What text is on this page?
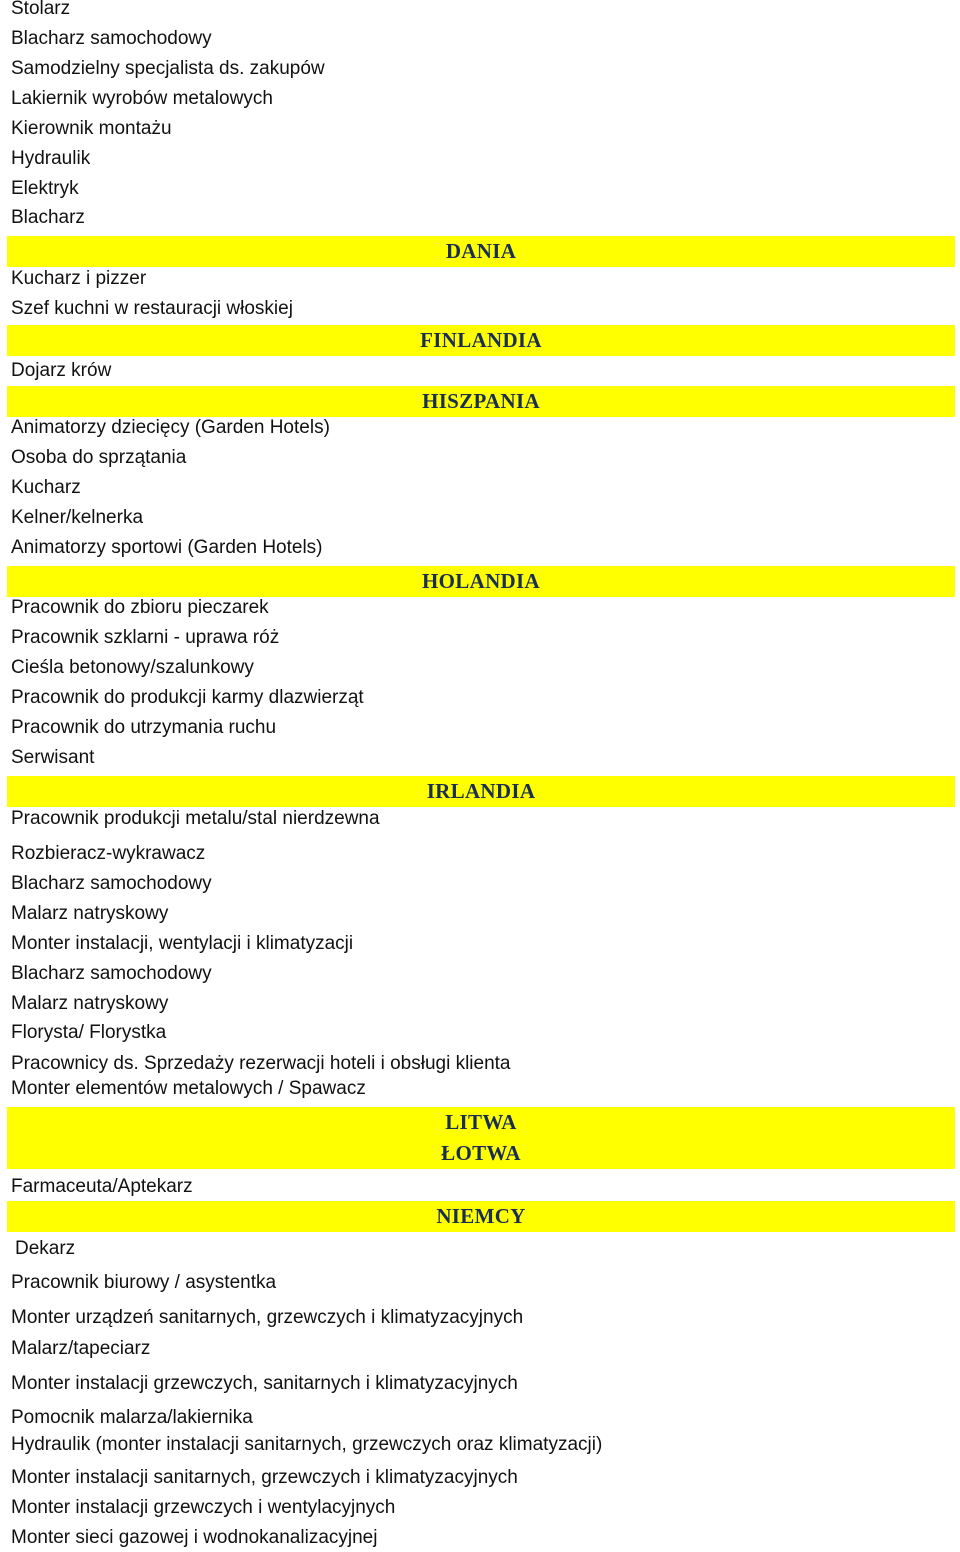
Stolarz
Blacharz samochodowy
Samodzielny specjalista ds. zakupów
Lakiernik wyrobów metalowych
Kierownik montażu
Hydraulik
Elektryk
Blacharz
DANIA
Kucharz i pizzer
Szef kuchni w restauracji włoskiej
FINLANDIA
Dojarz krów
HISZPANIA
Animatorzy dziecięcy (Garden Hotels)
Osoba do sprzątania
Kucharz
Kelner/kelnerka
Animatorzy sportowi (Garden Hotels)
HOLANDIA
Pracownik do zbioru pieczarek
Pracownik szklarni - uprawa róż
Cieśla betonowy/szalunkowy
Pracownik do produkcji karmy dlazwierząt
Pracownik do utrzymania ruchu
Serwisant
IRLANDIA
Pracownik produkcji metalu/stal nierdzewna
Rozbieracz-wykrawacz
Blacharz samochodowy
Malarz natryskowy
Monter instalacji, wentylacji i klimatyzacji
Blacharz samochodowy
Malarz natryskowy
Florysta/ Florystka
Pracownicy ds. Sprzedaży rezerwacji hoteli i obsługi klienta
Monter elementów metalowych / Spawacz
LITWA
ŁOTWA
Farmaceuta/Aptekarz
NIEMCY
Dekarz
Pracownik biurowy / asystentka
Monter urządzeń sanitarnych, grzewczych i klimatyzacyjnych
Malarz/tapeciarz
Monter instalacji grzewczych, sanitarnych i klimatyzacyjnych
Pomocnik malarza/lakiernika
Hydraulik (monter instalacji sanitarnych, grzewczych oraz klimatyzacji)
Monter instalacji sanitarnych, grzewczych i klimatyzacyjnych
Monter instalacji grzewczych i wentylacyjnych
Monter sieci gazowej i wodnokanalizacyjnej
